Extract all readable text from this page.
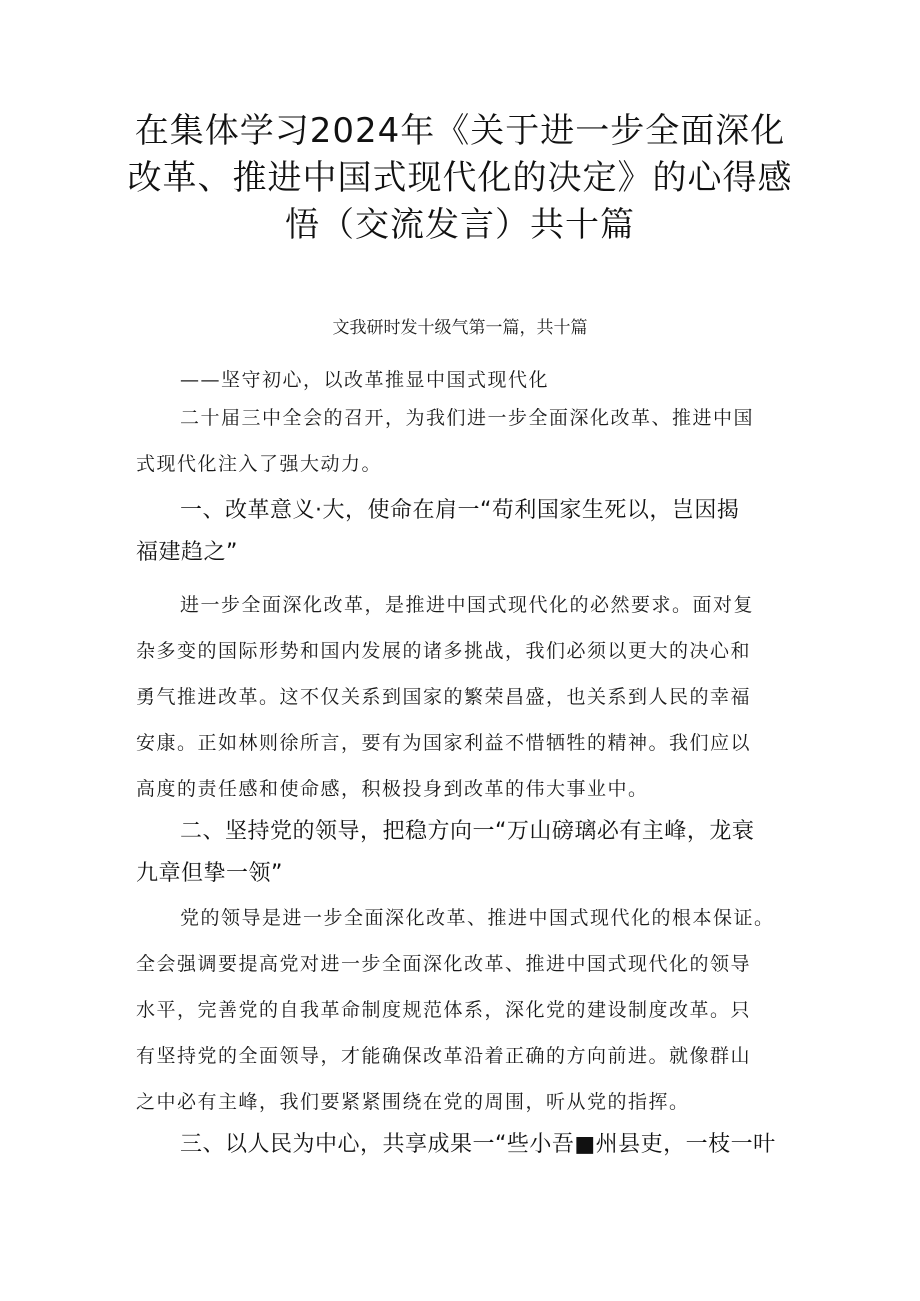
在集体学习2024年《关于进一步全面深化
改革、推进中国式现代化的决定》的心得感
悟（交流发言）共十篇
文我研时发十级气第一篇，共十篇
——坚守初心，以改革推显中国式现代化
二十届三中全会的召开，为我们进一步全面深化改革、推进中国
式现代化注入了强大动力。
一、改革意义·大，使命在肩一“苟利国家生死以，岂因揭
福建趋之”
进一步全面深化改革，是推进中国式现代化的必然要求。面对复
杂多变的国际形势和国内发展的诸多挑战，我们必须以更大的决心和
勇气推进改革。这不仅关系到国家的繁荣昌盛，也关系到人民的幸福
安康。正如林则徐所言，要有为国家利益不惜牺牲的精神。我们应以
高度的责任感和使命感，积极投身到改革的伟大事业中。
二、坚持党的领导，把稳方向一“万山磅璃必有主峰，龙衰
九章但挚一领”
党的领导是进一步全面深化改革、推进中国式现代化的根本保证。
全会强调要提高党对进一步全面深化改革、推进中国式现代化的领导
水平，完善党的自我革命制度规范体系，深化党的建设制度改革。只
有坚持党的全面领导，才能确保改革沿着正确的方向前进。就像群山
之中必有主峰，我们要紧紧围绕在党的周围，听从党的指挥。
三、以人民为中心，共享成果一“些小吾■州县吏，一枝一叶
